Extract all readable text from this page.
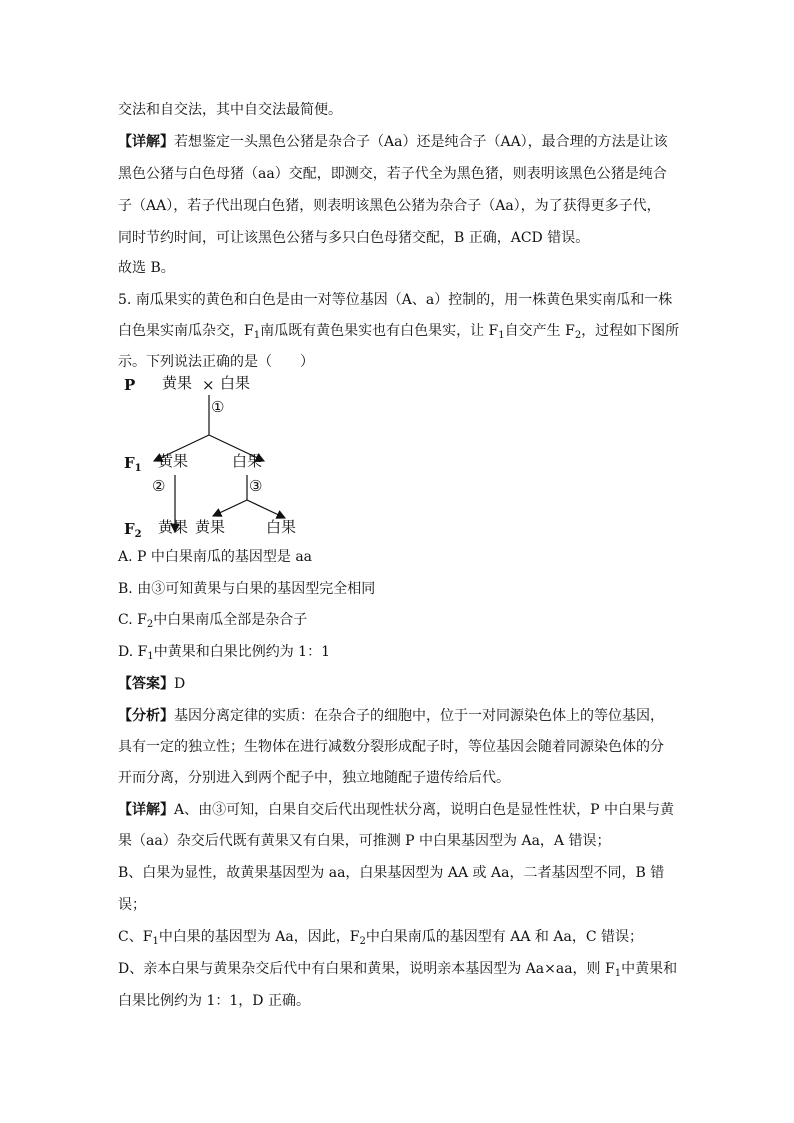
交法和自交法，其中自交法最简便。
【详解】若想鉴定一头黑色公猪是杂合子（Aa）还是纯合子（AA），最合理的方法是让该
黑色公猪与白色母猪（aa）交配，即测交，若子代全为黑色猪，则表明该黑色公猪是纯合
子（AA），若子代出现白色猪，则表明该黑色公猪为杂合子（Aa），为了获得更多子代，
同时节约时间，可让该黑色公猪与多只白色母猪交配，B 正确，ACD 错误。
故选 B。
5. 南瓜果实的黄色和白色是由一对等位基因（A、a）控制的，用一株黄色果实南瓜和一株
白色果实南瓜杂交，$F_1$南瓜既有黄色果实也有白色果实，让 $F_1$自交产生 $F_2$，过程如下图所
示。下列说法正确的是（　　）
P 黄果 × 白果
①
$F_1$ 黄果	白果
②	③
$F_2$ 黄果 黄果	白果
A. P 中白果南瓜的基因型是 aa
B. 由③可知黄果与白果的基因型完全相同
C. $F_2$中白果南瓜全部是杂合子
D. $F_1$中黄果和白果比例约为 1：1
【答案】D
【分析】基因分离定律的实质：在杂合子的细胞中，位于一对同源染色体上的等位基因，
具有一定的独立性；生物体在进行减数分裂形成配子时，等位基因会随着同源染色体的分
开而分离，分别进入到两个配子中，独立地随配子遗传给后代。
【详解】A、由③可知，白果自交后代出现性状分离，说明白色是显性性状，P 中白果与黄
果（aa）杂交后代既有黄果又有白果，可推测 P 中白果基因型为 Aa，A 错误；
B、白果为显性，故黄果基因型为 aa，白果基因型为 AA 或 Aa，二者基因型不同，B 错
误；
C、$F_1$中白果的基因型为 Aa，因此，$F_2$中白果南瓜的基因型有 AA 和 Aa，C 错误；
D、亲本白果与黄果杂交后代中有白果和黄果，说明亲本基因型为 Aa×aa，则 $F_1$中黄果和
白果比例约为 1：1，D 正确。
